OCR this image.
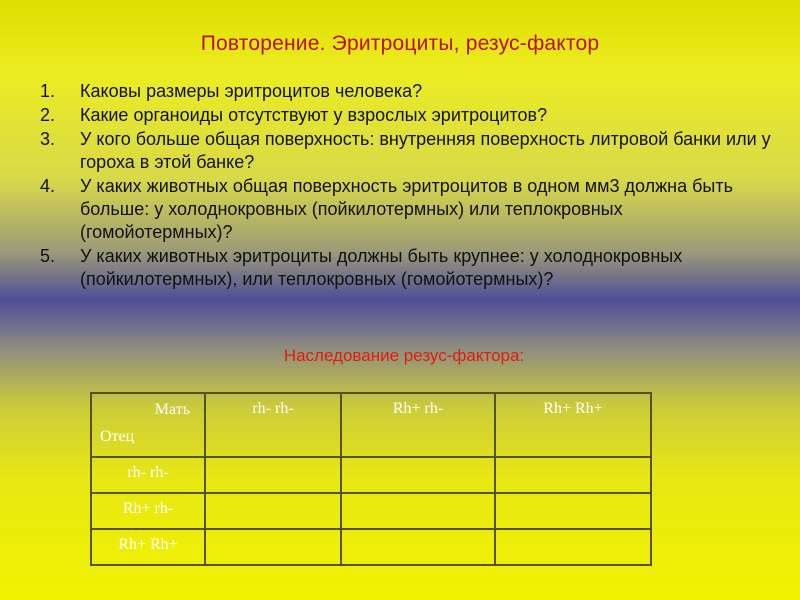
Повторение. Эритроциты, резус-фактор
1. Каковы размеры эритроцитов человека?
2. Какие органоиды отсутствуют у взрослых эритроцитов?
3. У кого больше общая поверхность: внутренняя поверхность литровой банки или у гороха в этой банке?
4. У каких животных общая поверхность эритроцитов в одном мм3 должна быть больше: у холоднокровных (пойкилотермных) или теплокровных (гомойотермных)?
5. У каких животных эритроциты должны быть крупнее: у холоднокровных (пойкилотермных), или теплокровных (гомойотермных)?
Наследование резус-фактора:
Мать
Отец	rh- rh-	Rh+ rh-	Rh+ Rh+
rh- rh-			
Rh+ rh-			
Rh+ Rh+			
